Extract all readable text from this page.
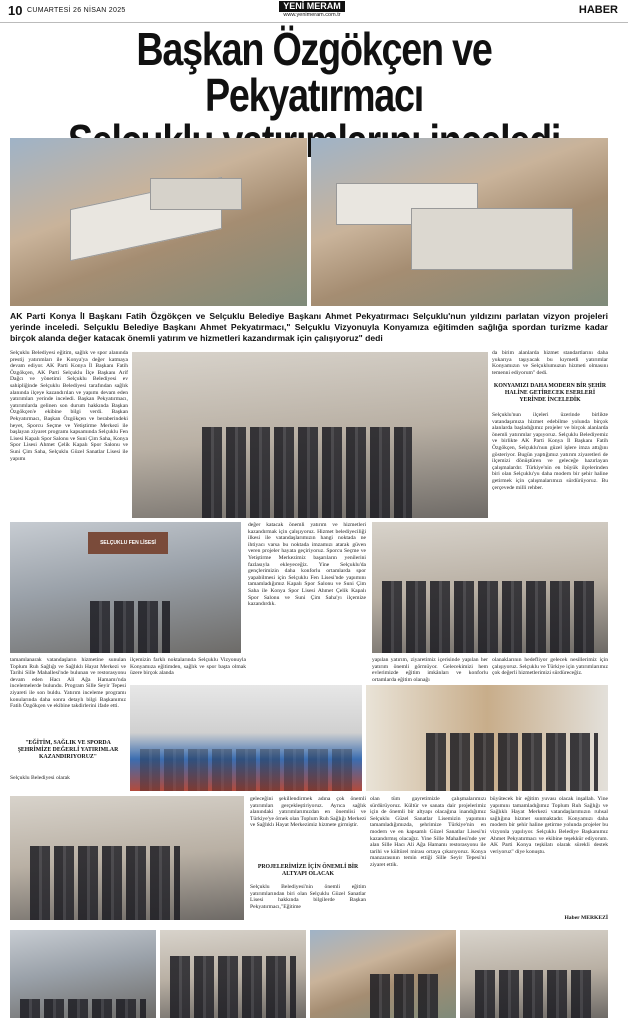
10 CUMARTESİ 26 NİSAN 2025	YENİ MERAM
www.yenimeram.com.tr	HABER
Başkan Özgökçen ve Pekyatırmacı
AK Parti Konya İl Başkanı Fatih Özgökçen ve Selçuklu Belediye Başkanı Ahmet Pekyatırmacı Selçuklu'nun yıldızını parlatan vizyon projeleri yerinde inceledi. Selçuklu Belediye Başkanı Ahmet Pekyatırmacı," Selçuklu Vizyonuyla Konyamıza eğitimden sağlığa spordan turizme kadar birçok alanda değer katacak önemli yatırım ve hizmetleri kazandırmak için çalışıyoruz" dedi
Selçuklu Belediyesi eğitim, sağlık ve spor alanında prestij yatırımları ile Konya'ya değer katmaya devam ediyor. AK Parti Konya İl Başkanı Fatih Özgökçen, AK Parti Selçuklu İlçe Başkanı Arif Dağcı ve yönetimi Selçuklu Belediyesi ev sahipliğinde Selçuklu Belediyesi tarafından sağlık alanında ilçeye kazandırılan ve yapımı devam eden yatırımları yerinde inceledi. Başkan Pekyatırmacı, yatırımlarda gelinen son durum hakkında Başkan Özgökçen'e ekibine bilgi verdi. Başkan Pekyatırmacı, Başkan Özgökçen ve beraberindeki heyet, Sporcu Seçme ve Yetiştirme Merkezi ile başlayan ziyaret programı kapsamında Selçuklu Fen Lisesi Kapalı Spor Salonu ve Suni Çim Saha, Konya Spor Lisesi Ahmet Çelik Kapalı Spor Salonu ve Suni Çim Saha, Selçuklu Güzel Sanatlar Lisesi ile yapımı
da birim alanlarda hizmet standartlarını daha yukarıya taşıyacak bu kıymetli yatırımlar Konyamızın ve Selçuklumuzun hizmeti olmasını temenni ediyorum" dedi.
KONYAMIZI DAHA MODERN BİR ŞEHİR HALİNE GETİRECEK ESERLERİ YERİNDE İNCELEDİK
Selçuklu'nun ilçeleri üzerinde birlikte vatandaşımıza hizmet edebilme yolunda birçok alanlarda başladığımız projeler ve birçok alanlarda önemli yatırımlar yapıyoruz. Selçuklu Belediyemiz ve birlikte AK Parti Konya İl Başkanı Fatih Özgökçen, Selçuklu'nun güzel işlere imza attığını gösteriyor. Bugün yaptığımız yatırım ziyaretleri de ilçemizi dönüştüren ve geleceğe hazırlayan çalışmalardır. Türkiye'nin en büyük ilçelerinden biri olan Selçuklu'yu daha modern bir şehir haline getirmek için çalışmalarımızı sürdürüyoruz. Bu çerçevede milli rehber.
SELÇUKLU FEN LİSESİ
değer katacak önemli yatırım ve hizmetleri kazandırmak için çalışıyoruz. Hizmet belediyeciliği ilkesi ile vatandaşlarımızın hangi noktada ne ihtiyacı varsa bu noktada imzamızı atarak güven veren projeler hayata geçiriyoruz. Sporcu Seçme ve Yetiştirme Merkezimiz başarıların yenilerini fazlasıyla ekleyeceğiz. Yine Selçuklu'da gençlerimizin daha konforlu ortamlarda spor yapabilmesi için Selçuklu Fen Lisesi'nde yapımını tamamladığımız Kapalı Spor Salonu ve Suni Çim Saha ile Konya Spor Lisesi Ahmet Çelik Kapalı Spor Salonu ve Suni Çim Saha'yı ilçemize kazandırdık.
tamamlanarak vatandaşların hizmetine sunulan Toplum Ruh Sağlığı ve Sağlıklı Hayat Merkezi ve Tarihi Sille Mahallesi'nde bulunan ve restorasyonu devam eden Hacı Ali Ağa Hamamı'nda incelemelerde bulundu. Program Sille Seyir Tepesi ziyareti ile son buldu. Yatırım inceleme programı konularında daha sonra detaylı bilgi Başkanımız Fatih Özgökçen ve ekibine takdirlerini ifade etti.
"EĞİTİM, SAĞLIK VE SPORDA ŞEHRİMİZE DEĞERLİ YATIRIMLAR KAZANDIRIYORUZ"
Selçuklu Belediyesi olarak
ilçemizin farklı noktalarında Selçuklu Vizyonuyla Konyamıza eğitimden, sağlık ve spor başta olmak üzere birçok alanda
yapılan yatırım, ziyaretimiz içerisinde yapılan her yatırım önemli görmüyor. Gelecekimizi hem evlerimizde eğitim imkânları ve konforlu ortamlarda eğitim olanağı
olanaklarının hedefliyor gelecek nesillerimiz için çalışıyoruz. Selçuklu ve Türkiye için yatırımlarımız çok değerli hizmetlerimizi sürdüreceğiz.
geleceğini şekillendirmek adına çok önemli yatırımları gerçekleştiriyoruz. Ayrıca sağlık alanındaki yatırımlarımızdan en önemlisi ve Türkiye'ye örnek olan Toplum Ruh Sağlığı Merkezi ve Sağlıklı Hayat Merkezimiz hizmete girmiştir.
PROJELERİMİZE İÇİN ÖNEMLİ BİR ALTYAPI OLACAK
Selçuklu Belediyesi'nin önemli eğitim yatırımlarından biri olan Selçuklu Güzel Sanatlar Lisesi hakkında bilgilerde Başkan Pekyatırmacı,"Eğitime
olan tüm gayretimizle çalışmalarımızı sürdürüyoruz. Kültür ve sanata dair projelerimiz için de önemli bir altyapı olacağına inandığımız Selçuklu Güzel Sanatlar Lisemizin yapımını tamamladığımızda, şehrimize Türkiye'nin en modern ve en kapsamlı Güzel Sanatlar Lisesi'ni kazandırmış olacağız. Yine Sille Mahallesi'nde yer alan Sille Hacı Ali Ağa Hamamı restorasyonu ile tarihi ve kültürel mirası ortaya çıkarıyoruz. Konya manzarasının temin ettiği Sille Seyir Tepesi'ni ziyaret ettik.
büyütecek bir eğitim yuvası olacak inşallah. Yine yapımını tamamladığımız Toplum Ruh Sağlığı ve Sağlıklı Hayat Merkezi vatandaşlarımızın ruhsal sağlığına hizmet sunmaktadır. Konyamızı daha modern bir şehir haline getirme yolunda projeler bu vizyonla yapılıyor. Selçuklu Belediye Başkanımız Ahmet Pekyatırmacı ve ekibine teşekkür ediyorum. AK Parti Konya teşkilatı olarak sürekli destek veriyoruz" diye konuştu.
Haber MERKEZİ
